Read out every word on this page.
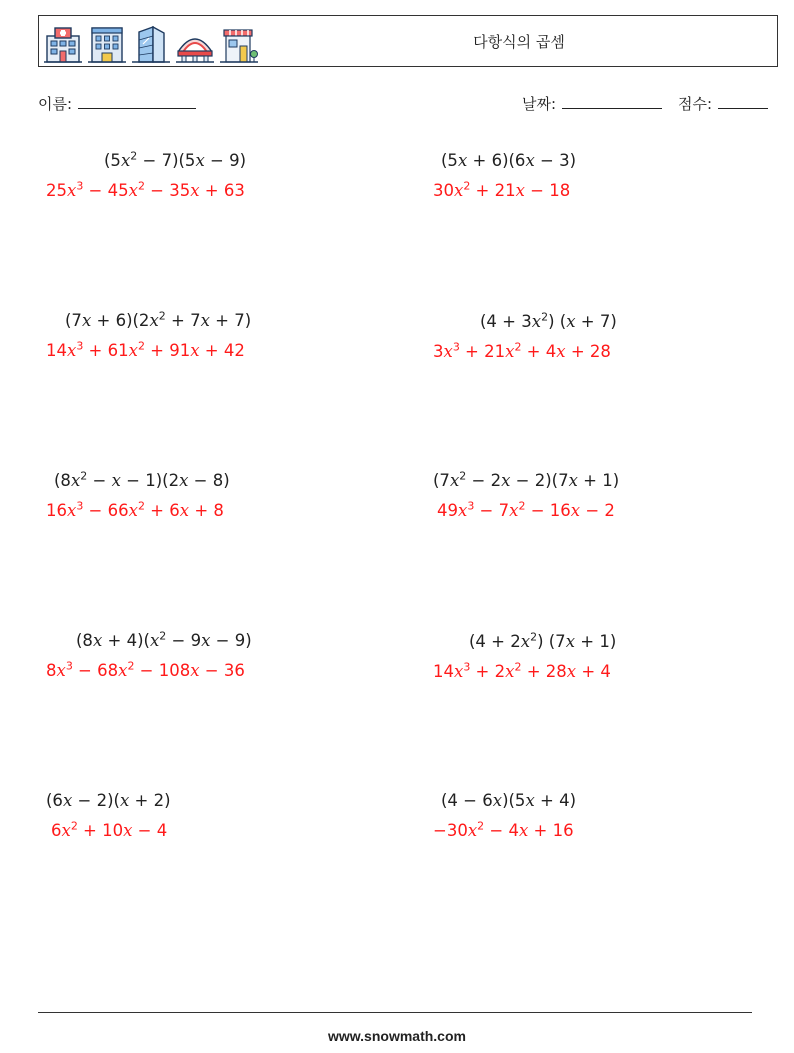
다항식의 곱셈
이름:	날짜:	점수:
$(5x^2 - 7)(5x - 9)$
$25x^3 - 45x^2 - 35x + 63$
(5x + 6)(6x − 3)
$30x^2 + 21x - 18$
$(7x + 6)(2x^2 + 7x + 7)$
$14x^3 + 61x^2 + 91x + 42$
$(4 + 3x^2)$ (x + 7)
$3x^3 + 21x^2 + 4x + 28$
$(8x^2 - x - 1)(2x - 8)$
$16x^3 - 66x^2 + 6x + 8$
$(7x^2 - 2x - 2)(7x + 1)$
$49x^3 - 7x^2 - 16x - 2$
$(8x + 4)(x^2 - 9x - 9)$
$8x^3 - 68x^2 - 108x - 36$
$(4 + 2x^2)$ (7x + 1)
$14x^3 + 2x^2 + 28x + 4$
(6x − 2)(x + 2)
$6x^2 + 10x - 4$
(4 − 6x)(5x + 4)
$-30x^2 - 4x + 16$
www.snowmath.com
